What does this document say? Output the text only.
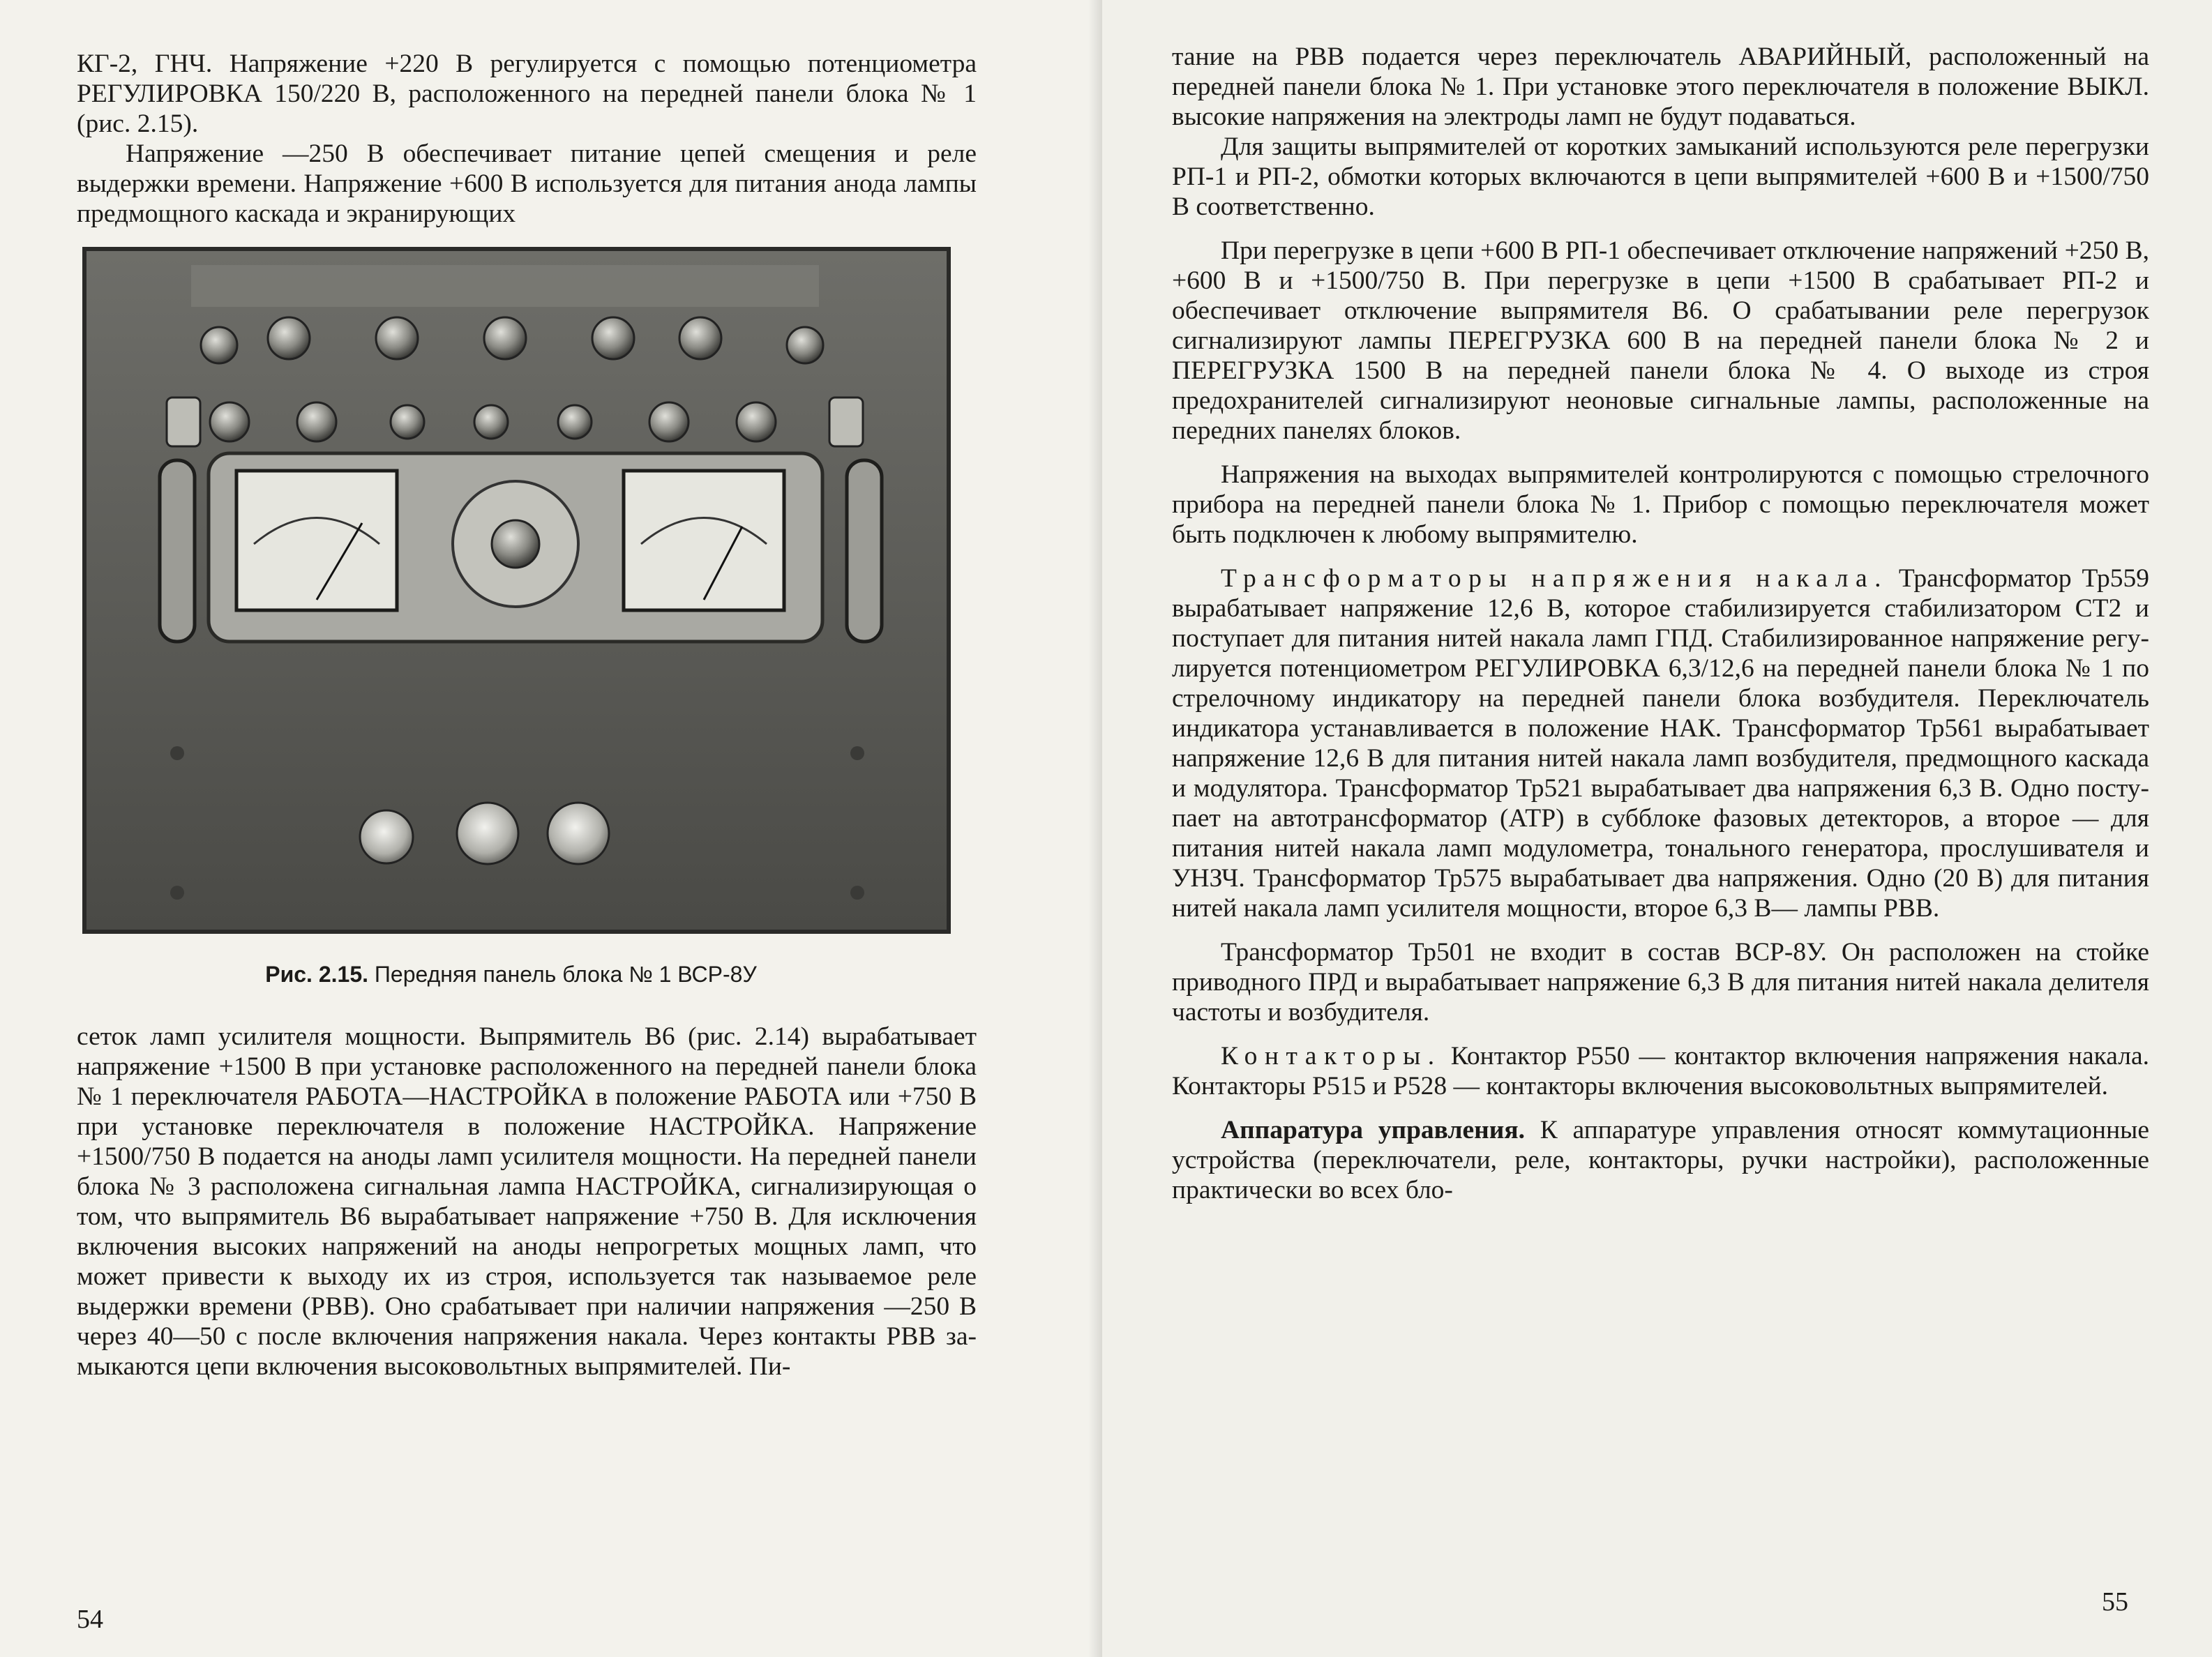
КГ-2, ГНЧ. Напряжение +220 В регулируется с помощью потенциометра РЕГУЛИРОВКА 150/220 В, расположенного на передней панели блока № 1 (рис. 2.15).

Напряжение —250 В обеспечивает питание цепей смещения и реле выдержки времени. Напряжение +600 В используется для питания анода лампы предмощного каскада и экранирующих

Рис. 2.15. Передняя панель блока № 1 ВСР-8У

сеток ламп усилителя мощности. Выпрямитель В6 (рис. 2.14) вырабатывает напряжение +1500 В при установке расположенного на передней панели блока № 1 переключателя РАБОТА—НАСТРОЙКА в положение РАБОТА или +750 В при установке переключателя в положение НАСТРОЙКА. Напряжение +1500/750 В подается на аноды ламп усилителя мощности. На передней панели блока № 3 расположена сигнальная лампа НАСТРОЙКА, сигнализирующая о том, что выпрямитель В6 вырабатывает напряжение +750 В. Для исключения включения высоких напряжений на аноды непрогретых мощных ламп, что может привести к выходу их из строя, используется так называемое реле выдержки времени (РВВ). Оно срабатывает при наличии напряжения —250 В через 40—50 с после включения напряжения накала. Через контакты РВВ замыкаются цепи включения высоковольтных выпрямителей. Пи-

54

тание на РВВ подается через переключатель АВАРИЙНЫЙ, расположенный на передней панели блока № 1. При установке этого переключателя в положение ВЫКЛ. высокие напряжения на электроды ламп не будут подаваться.

Для защиты выпрямителей от коротких замыканий используются реле перегрузки РП-1 и РП-2, обмотки которых включаются в цепи выпрямителей +600 В и +1500/750 В соответственно.

При перегрузке в цепи +600 В РП-1 обеспечивает отключение напряжений +250 В, +600 В и +1500/750 В. При перегрузке в цепи +1500 В срабатывает РП-2 и обеспечивает отключение выпрямителя В6. О срабатывании реле перегрузок сигнализируют лампы ПЕРЕГРУЗКА 600 В на передней панели блока № 2 и ПЕРЕГРУЗКА 1500 В на передней панели блока № 4. О выходе из строя предохранителей сигнализируют неоновые сигнальные лампы, расположенные на передних панелях блоков.

Напряжения на выходах выпрямителей контролируются с помощью стрелочного прибора на передней панели блока № 1. Прибор с помощью переключателя может быть подключен к любому выпрямителю.

Трансформаторы напряжения накала. Трансформатор Тр559 вырабатывает напряжение 12,6 В, которое стабилизируется стабилизатором СТ2 и поступает для питания нитей накала ламп ГПД. Стабилизированное напряжение регулируется потенциометром РЕГУЛИРОВКА 6,3/12,6 на передней панели блока № 1 по стрелочному индикатору на передней панели блока возбудителя. Переключатель индикатора устанавливается в положение НАК. Трансформатор Тр561 вырабатывает напряжение 12,6 В для питания нитей накала ламп возбудителя, предмощного каскада и модулятора. Трансформатор Тр521 вырабатывает два напряжения 6,3 В. Одно поступает на автотрансформатор (АТР) в субблоке фазовых детекторов, а второе — для питания нитей накала ламп модулометра, тонального генератора, прослушивателя и УНЗЧ. Трансформатор Тр575 вырабатывает два напряжения. Одно (20 В) для питания нитей накала ламп усилителя мощности, второе 6,3 В— лампы РВВ.

Трансформатор Тр501 не входит в состав ВСР-8У. Он расположен на стойке приводного ПРД и вырабатывает напряжение 6,3 В для питания нитей накала делителя частоты и возбудителя.

Контакторы. Контактор Р550 — контактор включения напряжения накала. Контакторы Р515 и Р528 — контакторы включения высоковольтных выпрямителей.

Аппаратура управления. К аппаратуре управления относят коммутационные устройства (переключатели, реле, контакторы, ручки настройки), расположенные практически во всех бло-

55
